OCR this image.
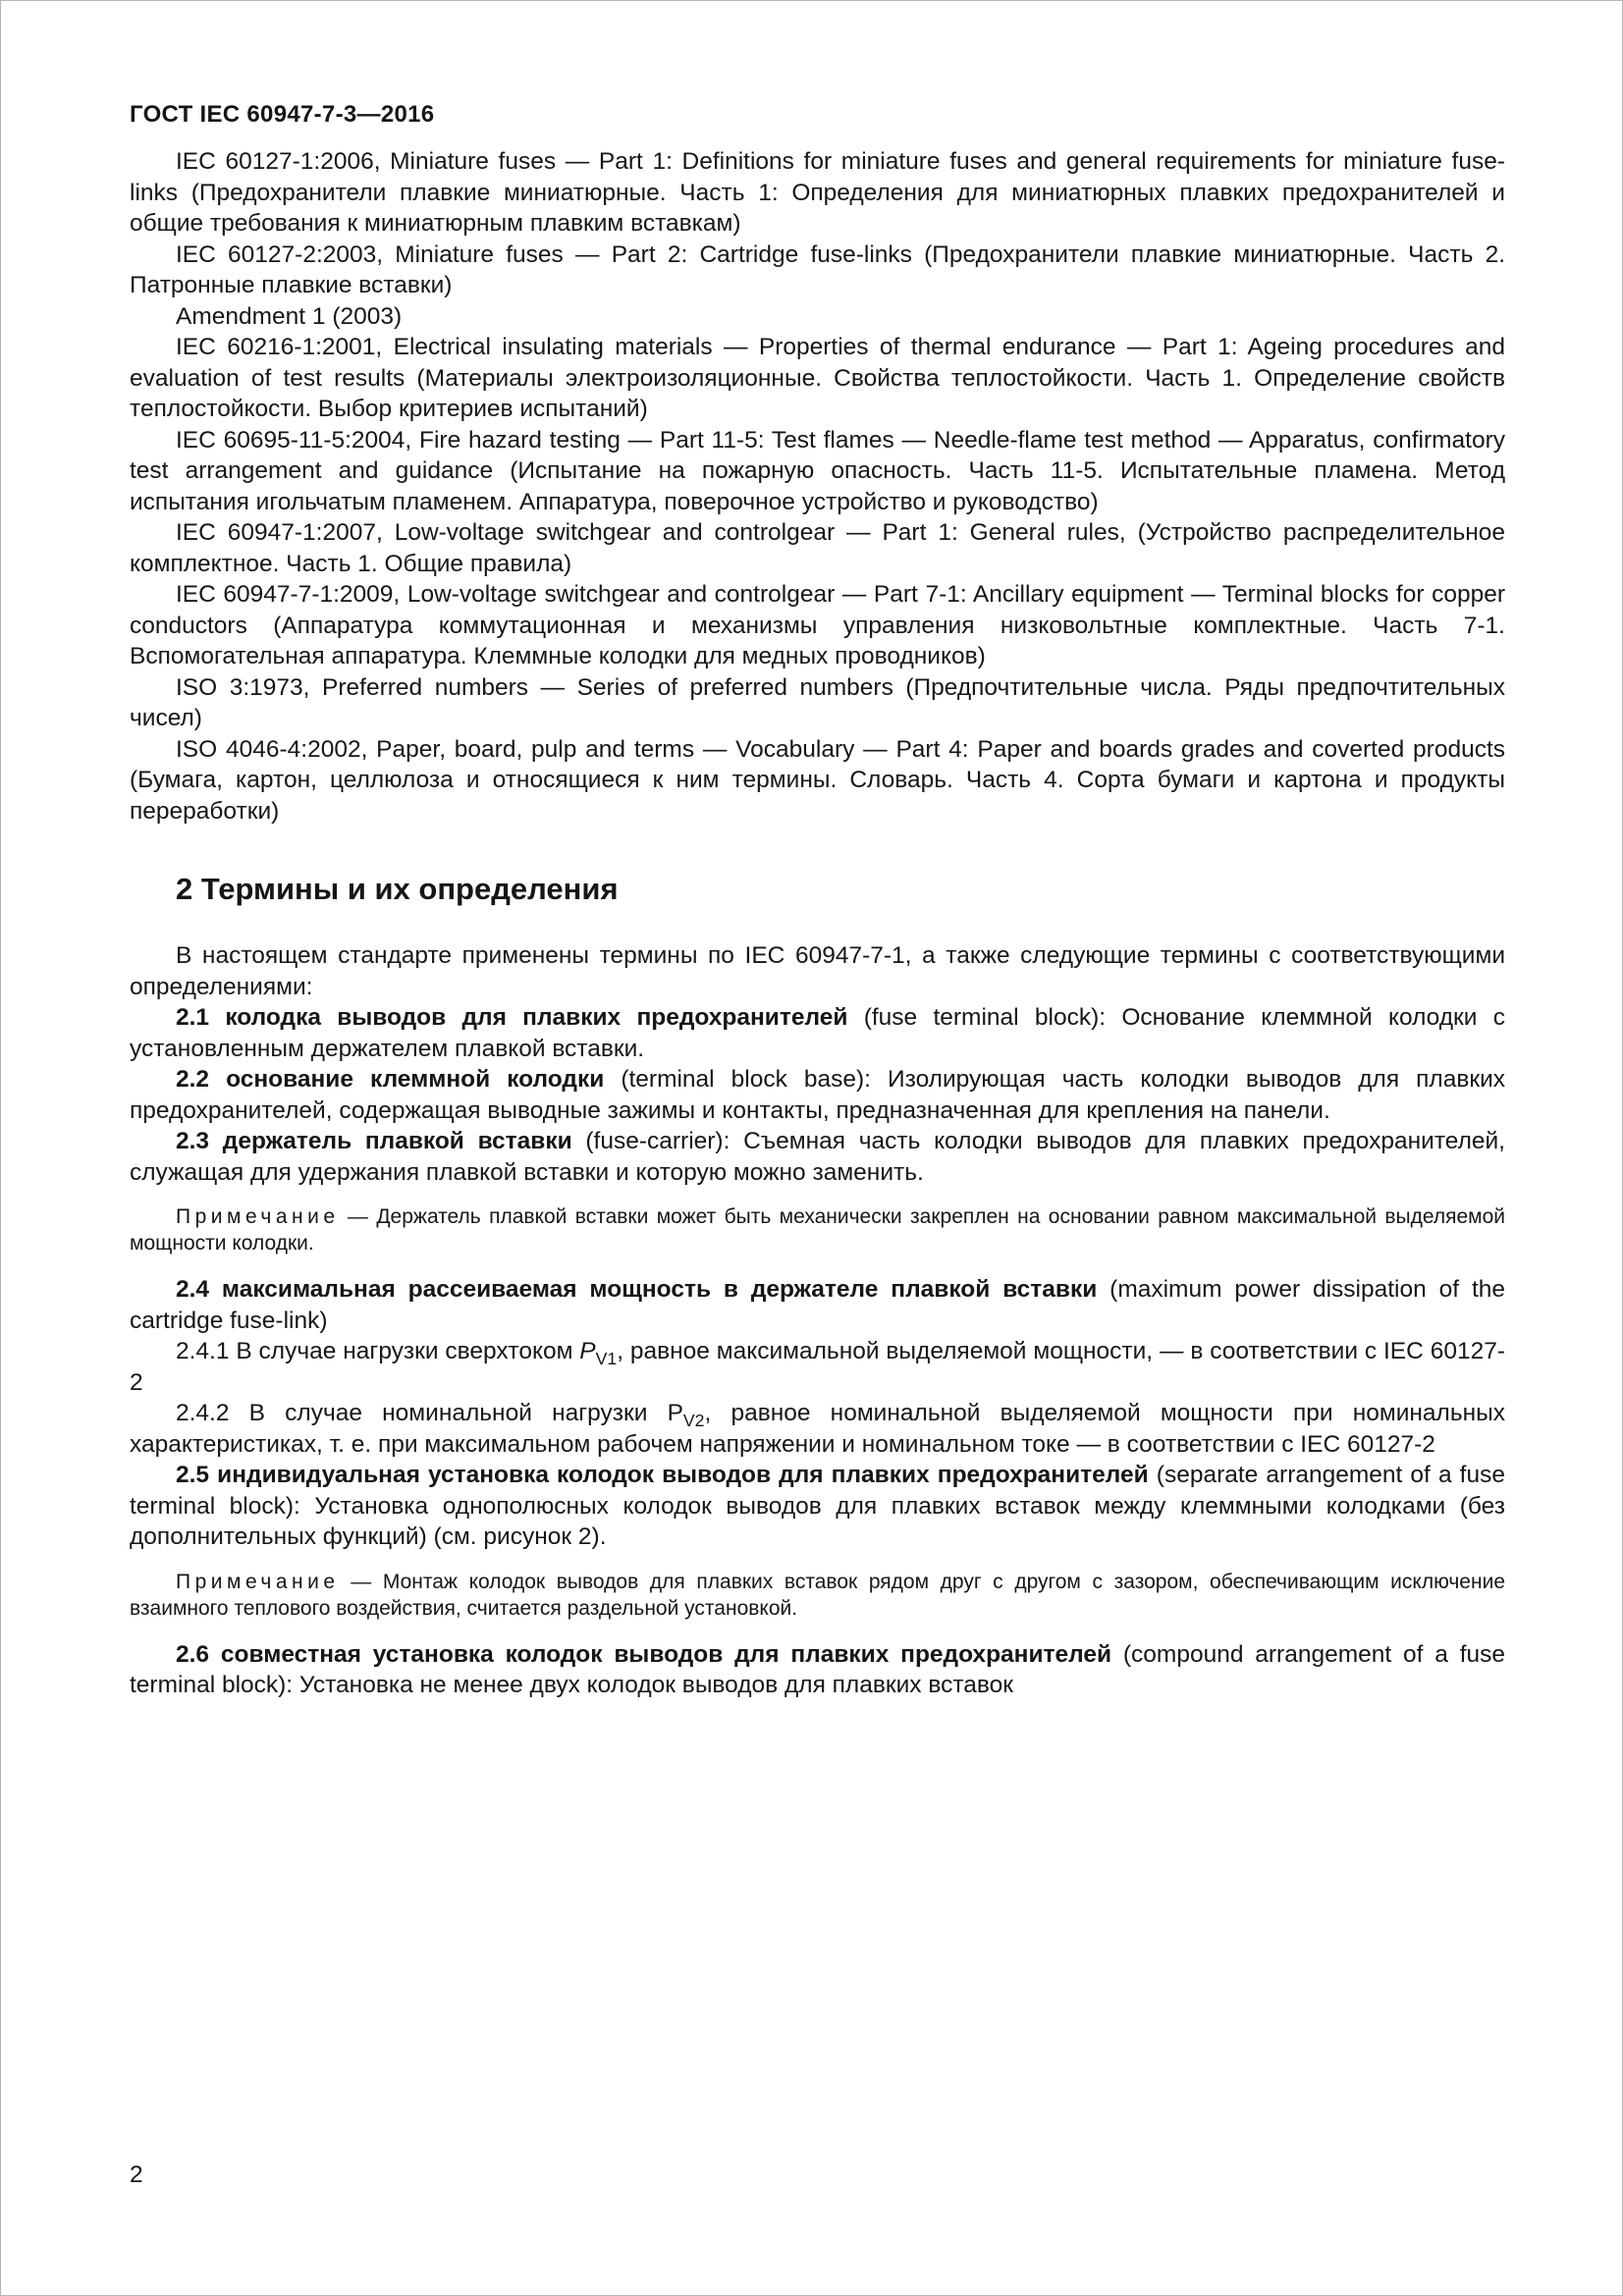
ГОСТ IEC 60947-7-3—2016

IEC 60127-1:2006, Miniature fuses — Part 1: Definitions for miniature fuses and general requirements for miniature fuse-links (Предохранители плавкие миниатюрные. Часть 1: Определения для миниатюрных плавких предохранителей и общие требования к миниатюрным плавким вставкам)

IEC 60127-2:2003, Miniature fuses — Part 2: Cartridge fuse-links (Предохранители плавкие миниатюрные. Часть 2. Патронные плавкие вставки)

Amendment 1 (2003)

IEC 60216-1:2001, Electrical insulating materials — Properties of thermal endurance — Part 1: Ageing procedures and evaluation of test results (Материалы электроизоляционные. Свойства теплостойкости. Часть 1. Определение свойств теплостойкости. Выбор критериев испытаний)

IEC 60695-11-5:2004, Fire hazard testing — Part 11-5: Test flames — Needle-flame test method — Apparatus, confirmatory test arrangement and guidance (Испытание на пожарную опасность. Часть 11-5. Испытательные пламена. Метод испытания игольчатым пламенем. Аппаратура, поверочное устройство и руководство)

IEC 60947-1:2007, Low-voltage switchgear and controlgear — Part 1: General rules, (Устройство распределительное комплектное. Часть 1. Общие правила)

IEC 60947-7-1:2009, Low-voltage switchgear and controlgear — Part 7-1: Ancillary equipment — Terminal blocks for copper conductors (Аппаратура коммутационная и механизмы управления низковольтные комплектные. Часть 7-1. Вспомогательная аппаратура. Клеммные колодки для медных проводников)

ISO 3:1973, Preferred numbers — Series of preferred numbers (Предпочтительные числа. Ряды предпочтительных чисел)

ISO 4046-4:2002, Paper, board, pulp and terms — Vocabulary — Part 4: Paper and boards grades and coverted products (Бумага, картон, целлюлоза и относящиеся к ним термины. Словарь. Часть 4. Сорта бумаги и картона и продукты переработки)

2 Термины и их определения

В настоящем стандарте применены термины по IEC 60947-7-1, а также следующие термины с соответствующими определениями:

2.1 колодка выводов для плавких предохранителей (fuse terminal block): Основание клеммной колодки с установленным держателем плавкой вставки.

2.2 основание клеммной колодки (terminal block base): Изолирующая часть колодки выводов для плавких предохранителей, содержащая выводные зажимы и контакты, предназначенная для крепления на панели.

2.3 держатель плавкой вставки (fuse-carrier): Съемная часть колодки выводов для плавких предохранителей, служащая для удержания плавкой вставки и которую можно заменить.

Примечание — Держатель плавкой вставки может быть механически закреплен на основании равном максимальной выделяемой мощности колодки.

2.4 максимальная рассеиваемая мощность в держателе плавкой вставки (maximum power dissipation of the cartridge fuse-link)

2.4.1 В случае нагрузки сверхтоком $P_{V1}$, равное максимальной выделяемой мощности, — в соответствии с IEC 60127-2

2.4.2 В случае номинальной нагрузки $P_{V2}$, равное номинальной выделяемой мощности при номинальных характеристиках, т. е. при максимальном рабочем напряжении и номинальном токе — в соответствии с IEC 60127-2

2.5 индивидуальная установка колодок выводов для плавких предохранителей (separate arrangement of a fuse terminal block): Установка однополюсных колодок выводов для плавких вставок между клеммными колодками (без дополнительных функций) (см. рисунок 2).

Примечание — Монтаж колодок выводов для плавких вставок рядом друг с другом с зазором, обеспечивающим исключение взаимного теплового воздействия, считается раздельной установкой.

2.6 совместная установка колодок выводов для плавких предохранителей (compound arrangement of a fuse terminal block): Установка не менее двух колодок выводов для плавких вставок

2
